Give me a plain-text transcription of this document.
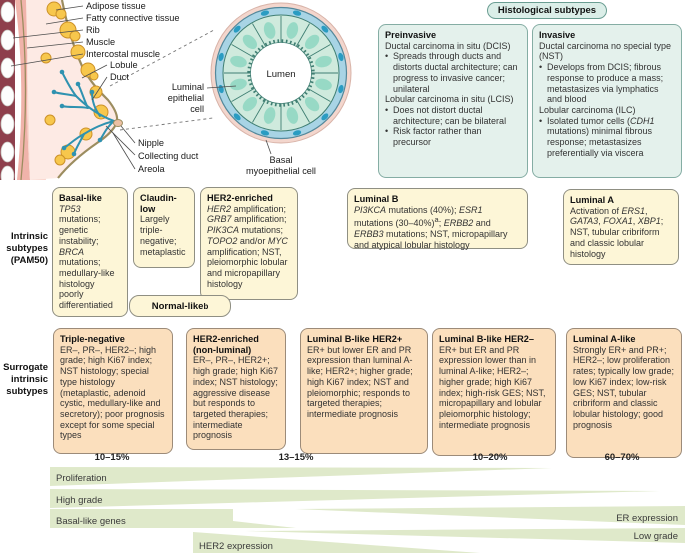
Adipose tissue
Fatty connective tissue
Rib
Muscle
Intercostal muscle
Lobule
Duct
Nipple
Collecting duct
Areola
Lumen
Luminal
epithelial
cell
Basal
myoepithelial cell
Histological subtypes
Preinvasive
Ductal carcinoma in situ (DCIS)
• Spreads through ducts and distorts ductal architecture; can progress to invasive cancer; unilateral
Lobular carcinoma in situ (LCIS)
• Does not distort ductal architecture; can be bilateral
• Risk factor rather than precursor
Invasive
Ductal carcinoma no special type (NST)
• Develops from DCIS; fibrous response to produce a mass; metastasizes via lymphatics and blood
Lobular carcinoma (ILC)
• Isolated tumor cells (CDH1 mutations) minimal fibrous response; metastasizes preferentially via viscera
Intrinsic
subtypes
(PAM50)
Basal-like
TP53 mutations; genetic instability; BRCA mutations; medullary-like histology poorly differentiatied
Claudin-low
Largely triple-negative; metaplastic
HER2-enriched
HER2 amplification; GRB7 amplification; PIK3CA mutations; TOPO2 and/or MYC amplification; NST, pleiomorphic lobular and micropapillary histology
Luminal B
PI3KCA mutations (40%); ESR1 mutations $(30-40\%)^a$; ERBB2 and ERBB3 mutations; NST, micropapillary and atypical lobular histology
Luminal A
Activation of ERS1, GATA3, FOXA1, XBP1; NST, tubular cribriform and classic lobular histology
Normal-like b
Surrogate
intrinsic
subtypes
Triple-negative
ER–, PR–, HER2–; high grade; high Ki67 index; NST histology; special type histology (metaplastic, adenoid cystic, medullary-like and secretory); poor prognosis except for some special types
HER2-enriched (non-luminal)
ER–, PR–, HER2+; high grade; high Ki67 index; NST histology; aggressive disease but responds to targeted therapies; intermediate prognosis
Luminal B-like HER2+
ER+ but lower ER and PR expression than luminal A-like; HER2+; higher grade; high Ki67 index; NST and pleiomorphic; responds to targeted therapies; intermediate prognosis
Luminal B-like HER2–
ER+ but ER and PR expression lower than in luminal A-like; HER2–; higher grade; high Ki67 index; high-risk GES; NST, micropapillary and lobular pleiomorphic histology; intermediate prognosis
Luminal A-like
Strongly ER+ and PR+; HER2–; low proliferation rates; typically low grade; low Ki67 index; low-risk GES; NST, tubular cribriform and classic lobular histology; good prognosis
10–15%	13–15%	10–20%	60–70%
Proliferation
High grade
Basal-like genes	ER expression
Low grade
HER2 expression
